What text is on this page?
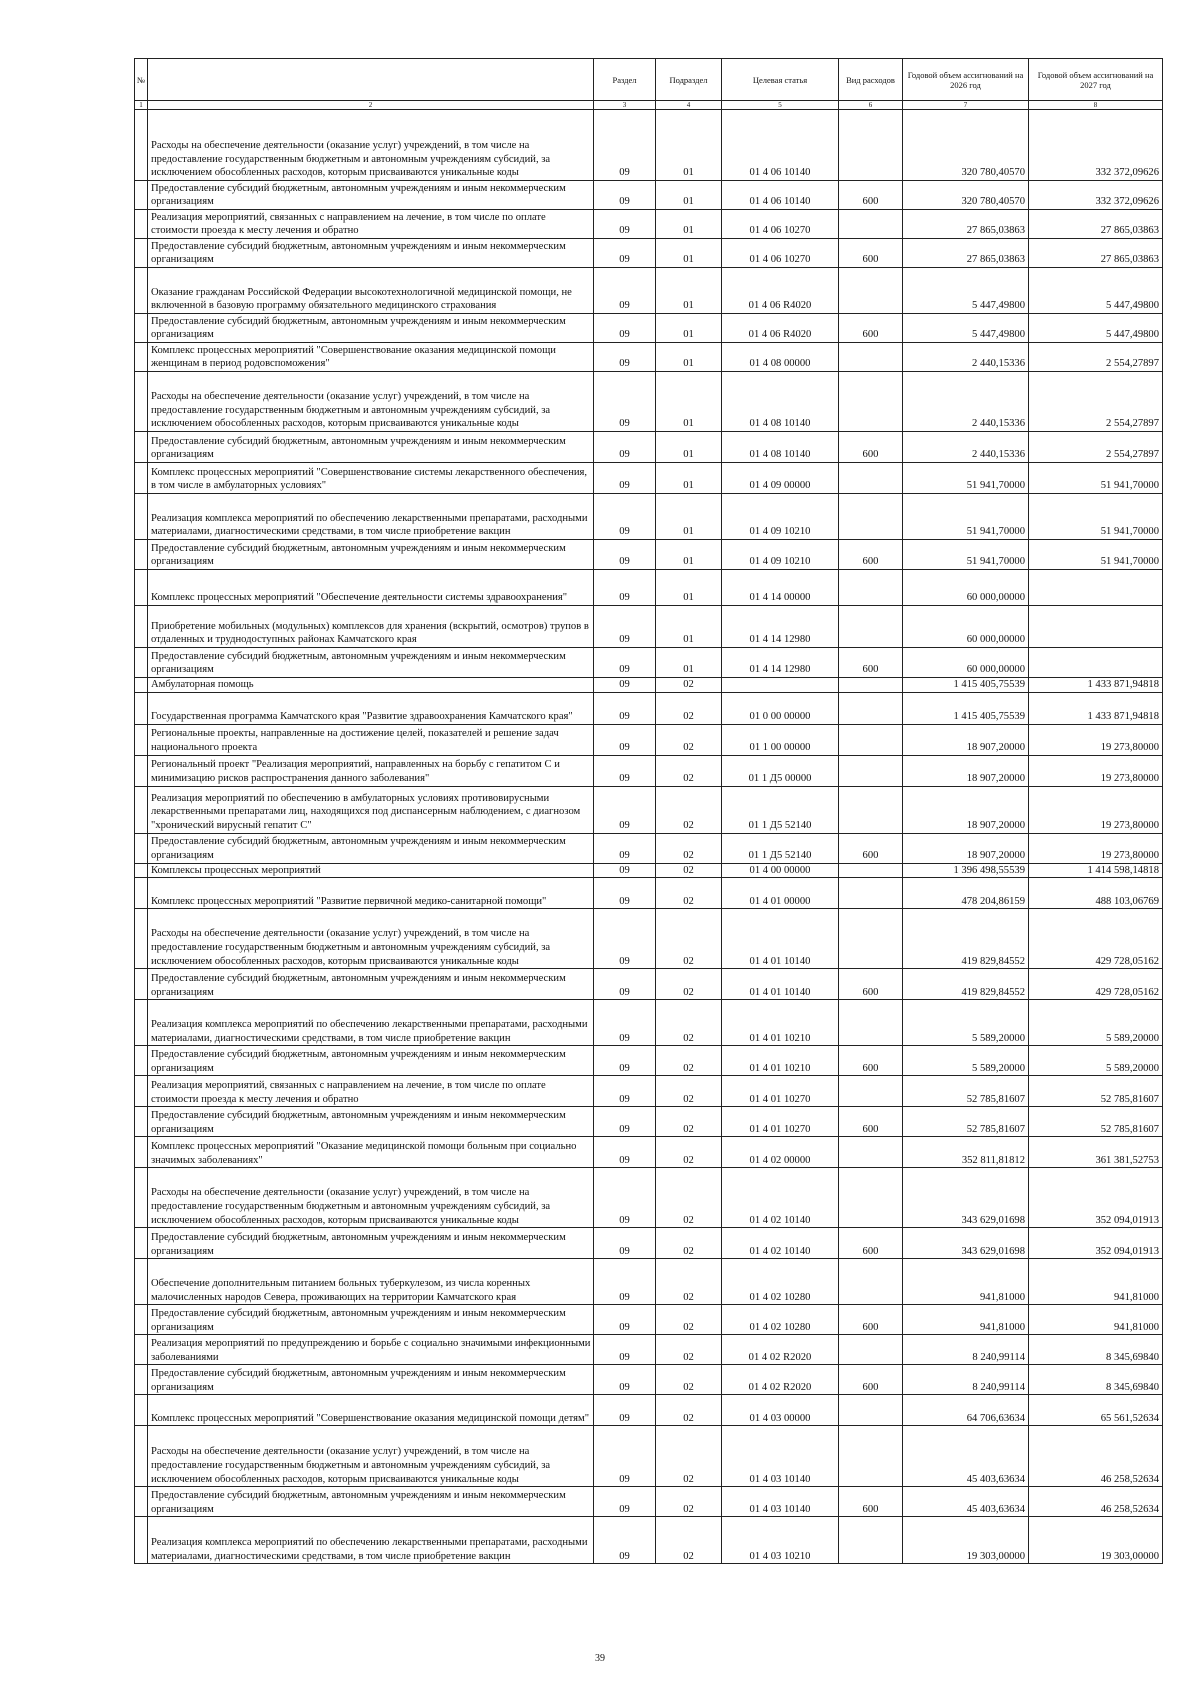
№		Раздел	Подраздел	Целевая статья	Вид расходов	Годовой объем ассигнований на 2026 год	Годовой объем ассигнований на 2027 год
1	2	3	4	5	6	7	8
	Расходы на обеспечение деятельности (оказание услуг) учреждений, в том числе на предоставление государственным бюджетным и автономным учреждениям субсидий, за исключением обособленных расходов, которым присваиваются уникальные коды	09	01	01 4 06 10140		320 780,40570	332 372,09626
	Предоставление субсидий бюджетным, автономным учреждениям и иным некоммерческим организациям	09	01	01 4 06 10140	600	320 780,40570	332 372,09626
	Реализация мероприятий, связанных с направлением на лечение, в том числе по оплате стоимости проезда к месту лечения и обратно	09	01	01 4 06 10270		27 865,03863	27 865,03863
	Предоставление субсидий бюджетным, автономным учреждениям и иным некоммерческим организациям	09	01	01 4 06 10270	600	27 865,03863	27 865,03863
	Оказание гражданам Российской Федерации высокотехнологичной медицинской помощи, не включенной в базовую программу обязательного медицинского страхования	09	01	01 4 06 R4020		5 447,49800	5 447,49800
	Предоставление субсидий бюджетным, автономным учреждениям и иным некоммерческим организациям	09	01	01 4 06 R4020	600	5 447,49800	5 447,49800
	Комплекс процессных мероприятий "Совершенствование оказания медицинской помощи женщинам в период родовспоможения"	09	01	01 4 08 00000		2 440,15336	2 554,27897
	Расходы на обеспечение деятельности (оказание услуг) учреждений, в том числе на предоставление государственным бюджетным и автономным учреждениям субсидий, за исключением обособленных расходов, которым присваиваются уникальные коды	09	01	01 4 08 10140		2 440,15336	2 554,27897
	Предоставление субсидий бюджетным, автономным учреждениям и иным некоммерческим организациям	09	01	01 4 08 10140	600	2 440,15336	2 554,27897
	Комплекс процессных мероприятий "Совершенствование системы лекарственного обеспечения, в том числе в амбулаторных условиях"	09	01	01 4 09 00000		51 941,70000	51 941,70000
	Реализация комплекса мероприятий по обеспечению лекарственными препаратами, расходными материалами, диагностическими средствами, в том числе приобретение вакцин	09	01	01 4 09 10210		51 941,70000	51 941,70000
	Предоставление субсидий бюджетным, автономным учреждениям и иным некоммерческим организациям	09	01	01 4 09 10210	600	51 941,70000	51 941,70000
	Комплекс процессных мероприятий "Обеспечение деятельности системы здравоохранения"	09	01	01 4 14 00000		60 000,00000	
	Приобретение мобильных (модульных) комплексов для хранения (вскрытий, осмотров) трупов в отдаленных и труднодоступных районах Камчатского края	09	01	01 4 14 12980		60 000,00000	
	Предоставление субсидий бюджетным, автономным учреждениям и иным некоммерческим организациям	09	01	01 4 14 12980	600	60 000,00000	
	Амбулаторная помощь	09	02			1 415 405,75539	1 433 871,94818
	Государственная программа Камчатского края "Развитие здравоохранения Камчатского края"	09	02	01 0 00 00000		1 415 405,75539	1 433 871,94818
	Региональные проекты, направленные на достижение целей, показателей и решение задач национального проекта	09	02	01 1 00 00000		18 907,20000	19 273,80000
	Региональный проект "Реализация мероприятий, направленных на борьбу с гепатитом С и минимизацию рисков распространения данного заболевания"	09	02	01 1 Д5 00000		18 907,20000	19 273,80000
	Реализация мероприятий по обеспечению в амбулаторных условиях противовирусными лекарственными препаратами лиц, находящихся под диспансерным наблюдением, с диагнозом "хронический вирусный гепатит С"	09	02	01 1 Д5 52140		18 907,20000	19 273,80000
	Предоставление субсидий бюджетным, автономным учреждениям и иным некоммерческим организациям	09	02	01 1 Д5 52140	600	18 907,20000	19 273,80000
	Комплексы процессных мероприятий	09	02	01 4 00 00000		1 396 498,55539	1 414 598,14818
	Комплекс процессных мероприятий "Развитие первичной медико-санитарной помощи"	09	02	01 4 01 00000		478 204,86159	488 103,06769
	Расходы на обеспечение деятельности (оказание услуг) учреждений, в том числе на предоставление государственным бюджетным и автономным учреждениям субсидий, за исключением обособленных расходов, которым присваиваются уникальные коды	09	02	01 4 01 10140		419 829,84552	429 728,05162
	Предоставление субсидий бюджетным, автономным учреждениям и иным некоммерческим организациям	09	02	01 4 01 10140	600	419 829,84552	429 728,05162
	Реализация комплекса мероприятий по обеспечению лекарственными препаратами, расходными материалами, диагностическими средствами, в том числе приобретение вакцин	09	02	01 4 01 10210		5 589,20000	5 589,20000
	Предоставление субсидий бюджетным, автономным учреждениям и иным некоммерческим организациям	09	02	01 4 01 10210	600	5 589,20000	5 589,20000
	Реализация мероприятий, связанных с направлением на лечение, в том числе по оплате стоимости проезда к месту лечения и обратно	09	02	01 4 01 10270		52 785,81607	52 785,81607
	Предоставление субсидий бюджетным, автономным учреждениям и иным некоммерческим организациям	09	02	01 4 01 10270	600	52 785,81607	52 785,81607
	Комплекс процессных мероприятий "Оказание медицинской помощи больным при социально значимых заболеваниях"	09	02	01 4 02 00000		352 811,81812	361 381,52753
	Расходы на обеспечение деятельности (оказание услуг) учреждений, в том числе на предоставление государственным бюджетным и автономным учреждениям субсидий, за исключением обособленных расходов, которым присваиваются уникальные коды	09	02	01 4 02 10140		343 629,01698	352 094,01913
	Предоставление субсидий бюджетным, автономным учреждениям и иным некоммерческим организациям	09	02	01 4 02 10140	600	343 629,01698	352 094,01913
	Обеспечение дополнительным питанием больных туберкулезом, из числа коренных малочисленных народов Севера, проживающих на территории Камчатского края	09	02	01 4 02 10280		941,81000	941,81000
	Предоставление субсидий бюджетным, автономным учреждениям и иным некоммерческим организациям	09	02	01 4 02 10280	600	941,81000	941,81000
	Реализация мероприятий по предупреждению и борьбе с социально значимыми инфекционными заболеваниями	09	02	01 4 02 R2020		8 240,99114	8 345,69840
	Предоставление субсидий бюджетным, автономным учреждениям и иным некоммерческим организациям	09	02	01 4 02 R2020	600	8 240,99114	8 345,69840
	Комплекс процессных мероприятий "Совершенствование оказания медицинской помощи детям"	09	02	01 4 03 00000		64 706,63634	65 561,52634
	Расходы на обеспечение деятельности (оказание услуг) учреждений, в том числе на предоставление государственным бюджетным и автономным учреждениям субсидий, за исключением обособленных расходов, которым присваиваются уникальные коды	09	02	01 4 03 10140		45 403,63634	46 258,52634
	Предоставление субсидий бюджетным, автономным учреждениям и иным некоммерческим организациям	09	02	01 4 03 10140	600	45 403,63634	46 258,52634
	Реализация комплекса мероприятий по обеспечению лекарственными препаратами, расходными материалами, диагностическими средствами, в том числе приобретение вакцин	09	02	01 4 03 10210		19 303,00000	19 303,00000
39
